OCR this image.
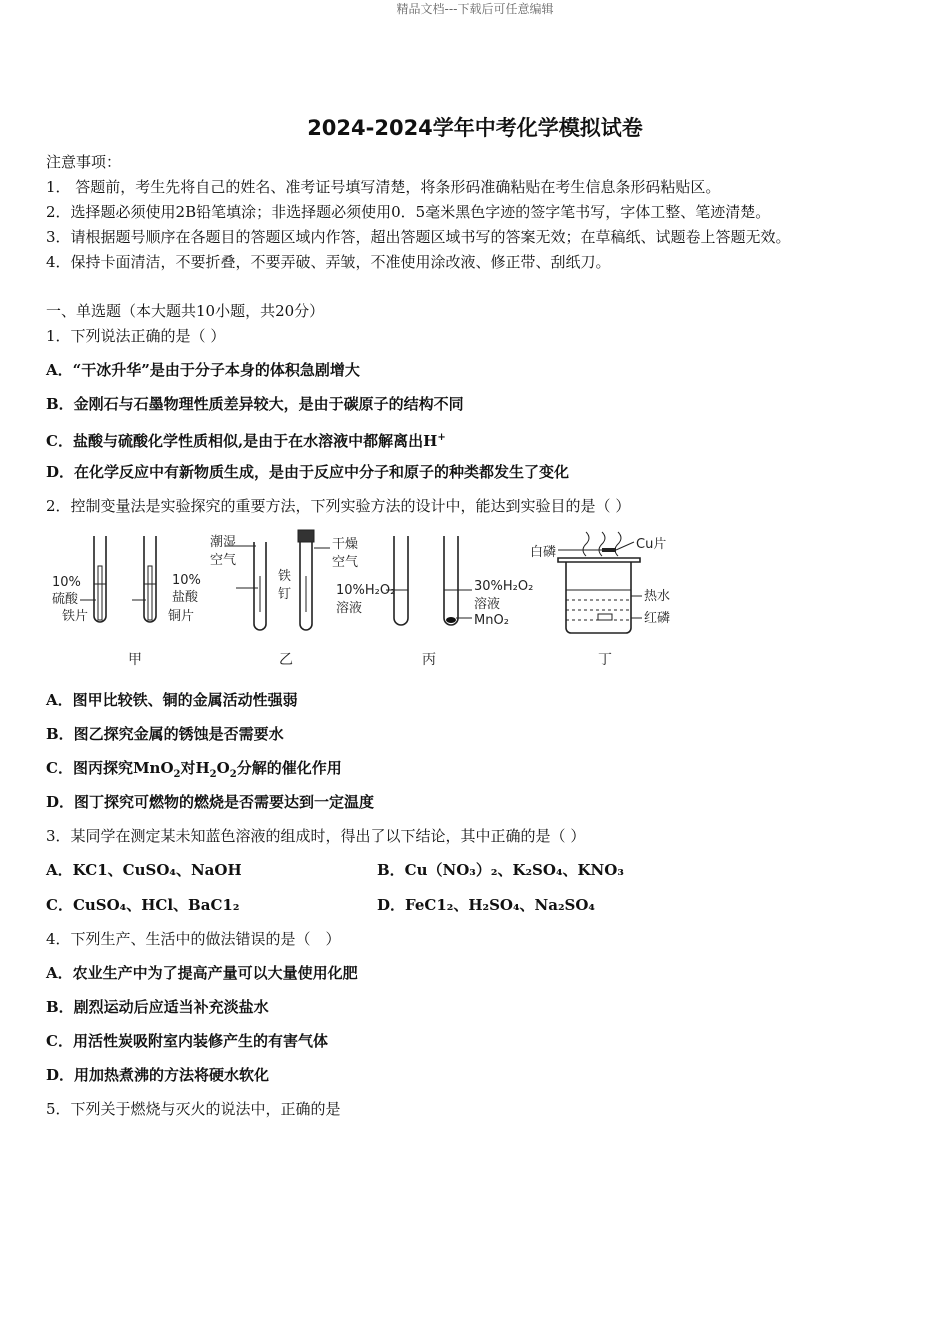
精品文档---下载后可任意编辑
2024-2024学年中考化学模拟试卷
注意事项：
1． 答题前，考生先将自己的姓名、准考证号填写清楚，将条形码准确粘贴在考生信息条形码粘贴区。
2．选择题必须使用2B铅笔填涂；非选择题必须使用0．5毫米黑色字迹的签字笔书写，字体工整、笔迹清楚。
3．请根据题号顺序在各题目的答题区域内作答，超出答题区域书写的答案无效；在草稿纸、试题卷上答题无效。
4．保持卡面清洁，不要折叠，不要弄破、弄皱，不准使用涂改液、修正带、刮纸刀。
一、单选题（本大题共10小题，共20分）
1．下列说法正确的是（ ）
A．“干冰升华”是由于分子本身的体积急剧增大
B．金刚石与石墨物理性质差异较大，是由于碳原子的结构不同
C．盐酸与硫酸化学性质相似,是由于在水溶液中都解离出H+
D．在化学反应中有新物质生成，是由于反应中分子和原子的种类都发生了变化
2．控制变量法是实验探究的重要方法，下列实验方法的设计中，能达到实验目的是（ ）
10%
硫酸
铁片
10%
盐酸
铜片
潮湿
空气
铁
钉
干燥
空气
10%H₂O₂
溶液
30%H₂O₂
溶液
MnO₂
白磷
Cu片
热水
红磷
甲	乙	丙	丁
A．图甲比较铁、铜的金属活动性强弱
B．图乙探究金属的锈蚀是否需要水
C．图丙探究MnO$_2$对$H_2O_2$分解的催化作用
D．图丁探究可燃物的燃烧是否需要达到一定温度
3．某同学在测定某未知蓝色溶液的组成时，得出了以下结论，其中正确的是（ ）
A．KC1、CuSO₄、NaOH	B．Cu（NO₃）₂、K₂SO₄、KNO₃
C．CuSO₄、HCl、BaC1₂	D．FeC1₂、H₂SO₄、Na₂SO₄
4．下列生产、生活中的做法错误的是（　）
A．农业生产中为了提高产量可以大量使用化肥
B．剧烈运动后应适当补充淡盐水
C．用活性炭吸附室内装修产生的有害气体
D．用加热煮沸的方法将硬水软化
5．下列关于燃烧与灭火的说法中，正确的是
